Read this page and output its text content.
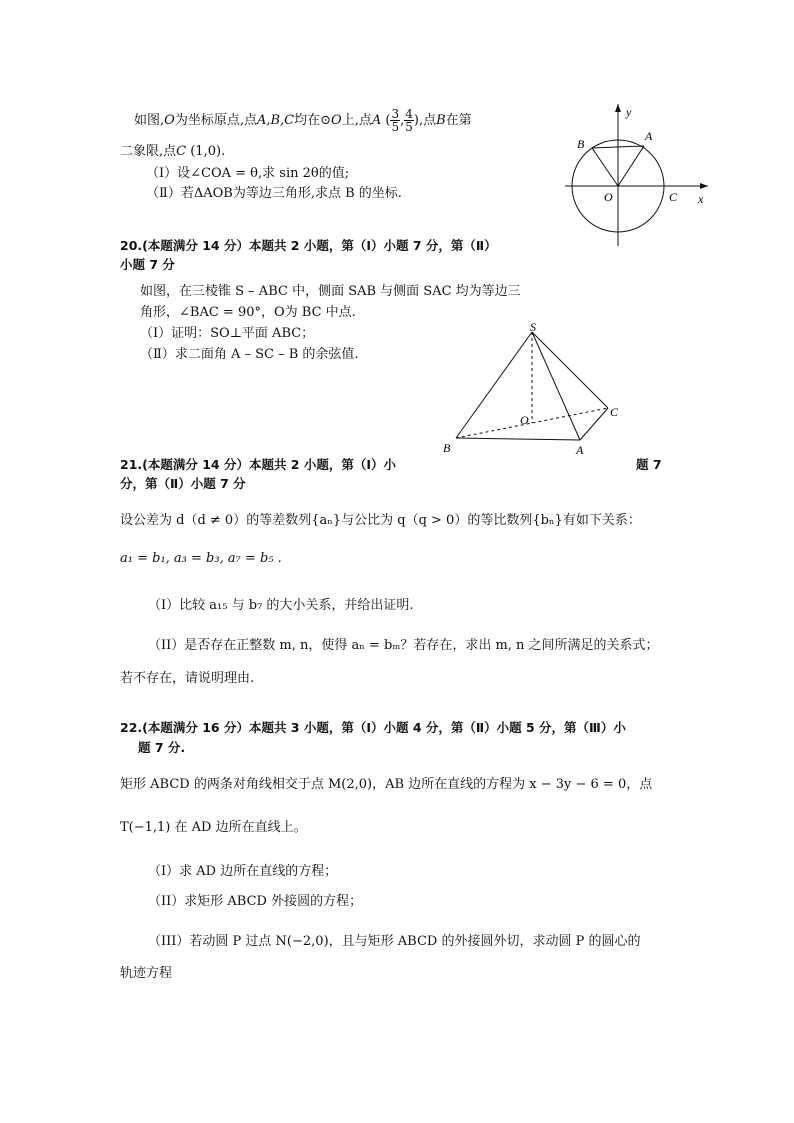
如图,O为坐标原点,点A,B,C均在⊙O上,点A ( $\frac{3}{5}$ , $\frac{4}{5}$ ),点B在第
二象限,点C (1,0).
（Ⅰ）设∠COA = θ,求 sin 2θ的值;
（Ⅱ）若ΔAOB为等边三角形,求点 B 的坐标.
y
x
A
B
O	C
20.(本题满分 14 分）本题共 2 小题，第（Ⅰ）小题 7 分，第（Ⅱ）
小题 7 分
如图，在三棱锥 S – ABC 中，侧面 SAB 与侧面 SAC 均为等边三
角形，∠BAC = 90°，O为 BC 中点.
（Ⅰ）证明：SO⊥平面 ABC；
（Ⅱ）求二面角 A – SC – B 的余弦值.
S
O
C
B	A
21.(本题满分 14 分）本题共 2 小题，第（Ⅰ）小	题 7
分，第（Ⅱ）小题 7 分
设公差为 d（d ≠ 0）的等差数列{aₙ}与公比为 q（q > 0）的等比数列{bₙ}有如下关系：
a₁ = b₁, a₃ = b₃, a₇ = b₅ .
（I）比较 a₁₅ 与 b₇ 的大小关系，并给出证明.
（II）是否存在正整数 m, n，使得 aₙ = bₘ？若存在，求出 m, n 之间所满足的关系式；
若不存在，请说明理由.
22.(本题满分 16 分）本题共 3 小题，第（Ⅰ）小题 4 分，第（Ⅱ）小题 5 分，第（Ⅲ）小
题 7 分.
矩形 ABCD 的两条对角线相交于点 M(2,0)，AB 边所在直线的方程为 x − 3y − 6 = 0，点
T(−1,1) 在 AD 边所在直线上。
（I）求 AD 边所在直线的方程；
（II）求矩形 ABCD 外接圆的方程；
（III）若动圆 P 过点 N(−2,0)，且与矩形 ABCD 的外接圆外切，求动圆 P 的圆心的
轨迹方程
